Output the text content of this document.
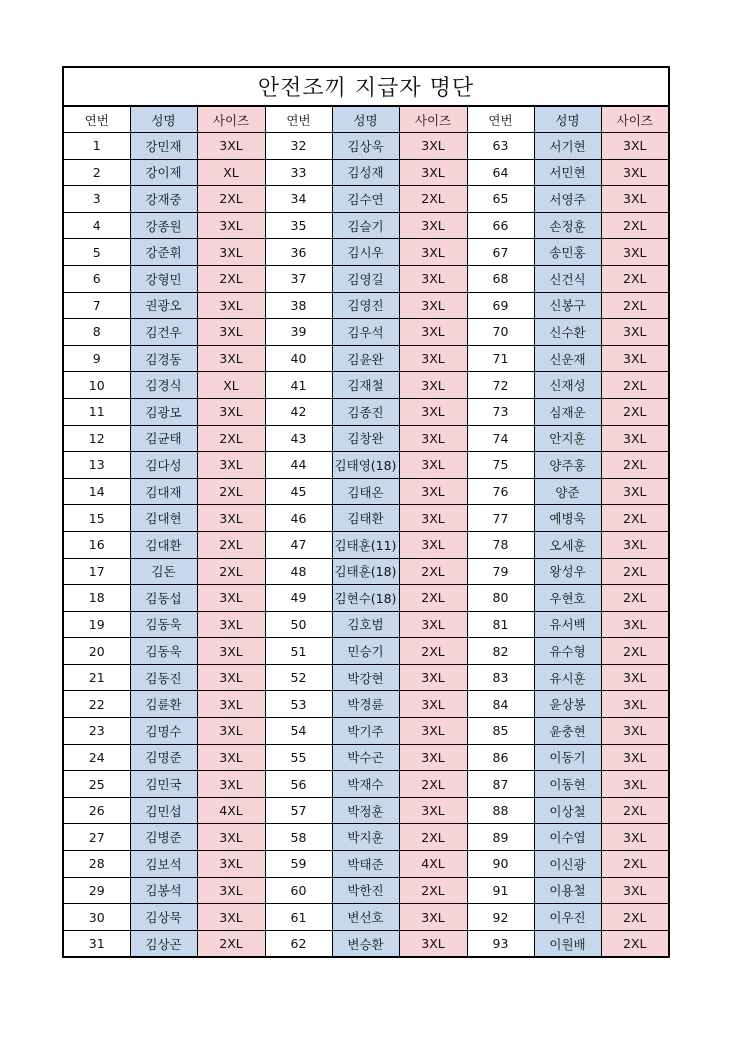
안전조끼 지급자 명단								
연번	성명	사이즈	연번	성명	사이즈	연번	성명	사이즈
1	강민재	3XL	32	김상욱	3XL	63	서기현	3XL
2	강이제	XL	33	김성재	3XL	64	서민현	3XL
3	강재중	2XL	34	김수연	2XL	65	서영주	3XL
4	강종원	3XL	35	김슬기	3XL	66	손정훈	2XL
5	강준휘	3XL	36	김시우	3XL	67	송민홍	3XL
6	강형민	2XL	37	김영길	3XL	68	신건식	2XL
7	권광오	3XL	38	김영진	3XL	69	신봉구	2XL
8	김건우	3XL	39	김우석	3XL	70	신수환	3XL
9	김경동	3XL	40	김윤완	3XL	71	신운재	3XL
10	김경식	XL	41	김재철	3XL	72	신재성	2XL
11	김광모	3XL	42	김종진	3XL	73	심재운	2XL
12	김균태	2XL	43	김창완	3XL	74	안지훈	3XL
13	김다성	3XL	44	김태영(18)	3XL	75	양주홍	2XL
14	김대재	2XL	45	김태온	3XL	76	양준	3XL
15	김대현	3XL	46	김태환	3XL	77	예병욱	2XL
16	김대환	2XL	47	김태훈(11)	3XL	78	오세훈	3XL
17	김돈	2XL	48	김태훈(18)	2XL	79	왕성우	2XL
18	김동섭	3XL	49	김현수(18)	2XL	80	우현호	2XL
19	김동욱	3XL	50	김호범	3XL	81	유서백	3XL
20	김동욱	3XL	51	민승기	2XL	82	유수형	2XL
21	김동진	3XL	52	박강현	3XL	83	유시훈	3XL
22	김륜환	3XL	53	박경륜	3XL	84	윤상봉	3XL
23	김명수	3XL	54	박기주	3XL	85	윤충현	3XL
24	김명준	3XL	55	박수곤	3XL	86	이동기	3XL
25	김민국	3XL	56	박재수	2XL	87	이동현	3XL
26	김민섭	4XL	57	박정훈	3XL	88	이상철	2XL
27	김병준	3XL	58	박지훈	2XL	89	이수엽	3XL
28	김보석	3XL	59	박태준	4XL	90	이신광	2XL
29	김봉석	3XL	60	박한진	2XL	91	이용철	3XL
30	김상묵	3XL	61	변선호	3XL	92	이우진	2XL
31	김상곤	2XL	62	변승환	3XL	93	이원배	2XL
